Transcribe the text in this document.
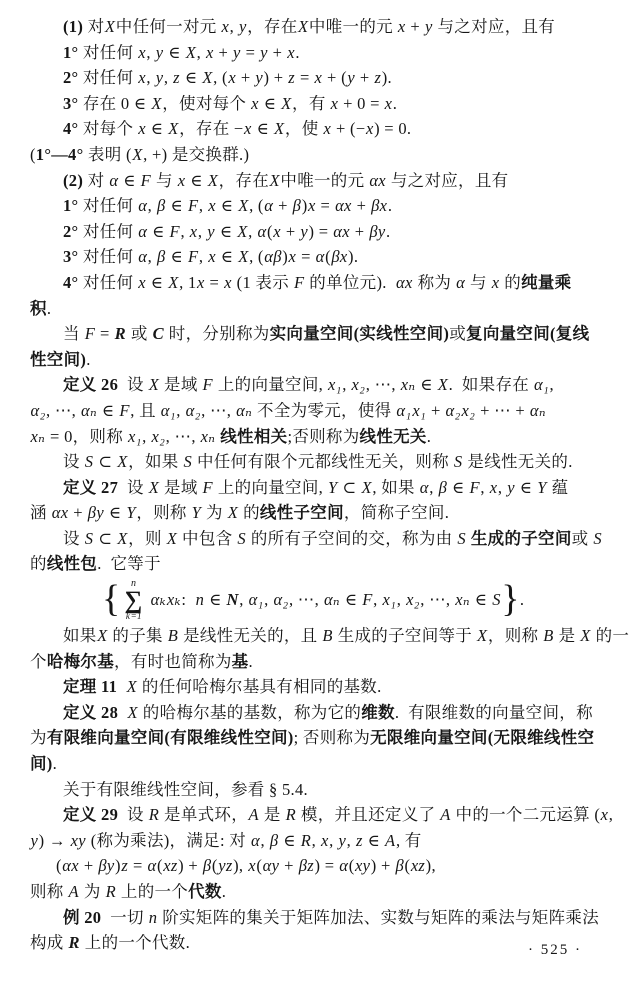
(1) 对X中任何一对元 x, y，存在X中唯一的元 x + y 与之对应，且有
1° 对任何 x, y ∈ X, x + y = y + x.
2° 对任何 x, y, z ∈ X, (x + y) + z = x + (y + z).
3° 存在 0 ∈ X，使对每个 x ∈ X，有 x + 0 = x.
4° 对每个 x ∈ X，存在 −x ∈ X，使 x + (−x) = 0.
(1°—4° 表明 (X, +) 是交换群.)
(2) 对 α ∈ F 与 x ∈ X，存在X中唯一的元 αx 与之对应，且有
1° 对任何 α, β ∈ F, x ∈ X, (α + β)x = αx + βx.
2° 对任何 α ∈ F, x, y ∈ X, α(x + y) = αx + βy.
3° 对任何 α, β ∈ F, x ∈ X, (αβ)x = α(βx).
4° 对任何 x ∈ X, 1x = x (1 表示 F 的单位元).  αx 称为 α 与 x 的纯量乘
积.
当 F = R 或 C 时，分别称为实向量空间(实线性空间)或复向量空间(复线
性空间).
定义 26  设 X 是域 F 上的向量空间, x₁, x₂, ⋯, xₙ ∈ X.  如果存在 α₁,
α₂, ⋯, αₙ ∈ F, 且 α₁, α₂, ⋯, αₙ 不全为零元，使得 α₁x₁ + α₂x₂ + ⋯ + αₙ
xₙ = 0，则称 x₁, x₂, ⋯, xₙ 线性相关;否则称为线性无关.
设 S ⊂ X，如果 S 中任何有限个元都线性无关，则称 S 是线性无关的.
定义 27  设 X 是域 F 上的向量空间, Y ⊂ X, 如果 α, β ∈ F, x, y ∈ Y 蕴
涵 αx + βy ∈ Y，则称 Y 为 X 的线性子空间，简称子空间.
设 S ⊂ X，则 X 中包含 S 的所有子空间的交，称为由 S 生成的子空间或 S
的线性包.  它等于
{ n
∑
k=1
αₖxₖ:  n ∈ N , α₁, α₂, ⋯, αₙ ∈ F, x₁, x₂, ⋯, xₙ ∈ S } .
如果X 的子集 B 是线性无关的，且 B 生成的子空间等于 X，则称 B 是 X 的一
个哈梅尔基，有时也简称为基.
定理 11 X 的任何哈梅尔基具有相同的基数.
定义 28 X 的哈梅尔基的基数，称为它的维数.  有限维数的向量空间，称
为有限维向量空间(有限维线性空间); 否则称为无限维向量空间(无限维线性空
间).
关于有限维线性空间，参看 § 5.4.
定义 29  设 R 是单式环，A 是 R 模，并且还定义了 A 中的一个二元运算 (x,
y) → xy (称为乘法)，满足: 对 α, β ∈ R, x, y, z ∈ A, 有
(αx + βy)z = α(xz) + β(yz), x(αy + βz) = α(xy) + β(xz),
则称 A 为 R 上的一个代数.
例 20  一切 n 阶实矩阵的集关于矩阵加法、实数与矩阵的乘法与矩阵乘法
构成 R 上的一个代数.	· 525 ·
